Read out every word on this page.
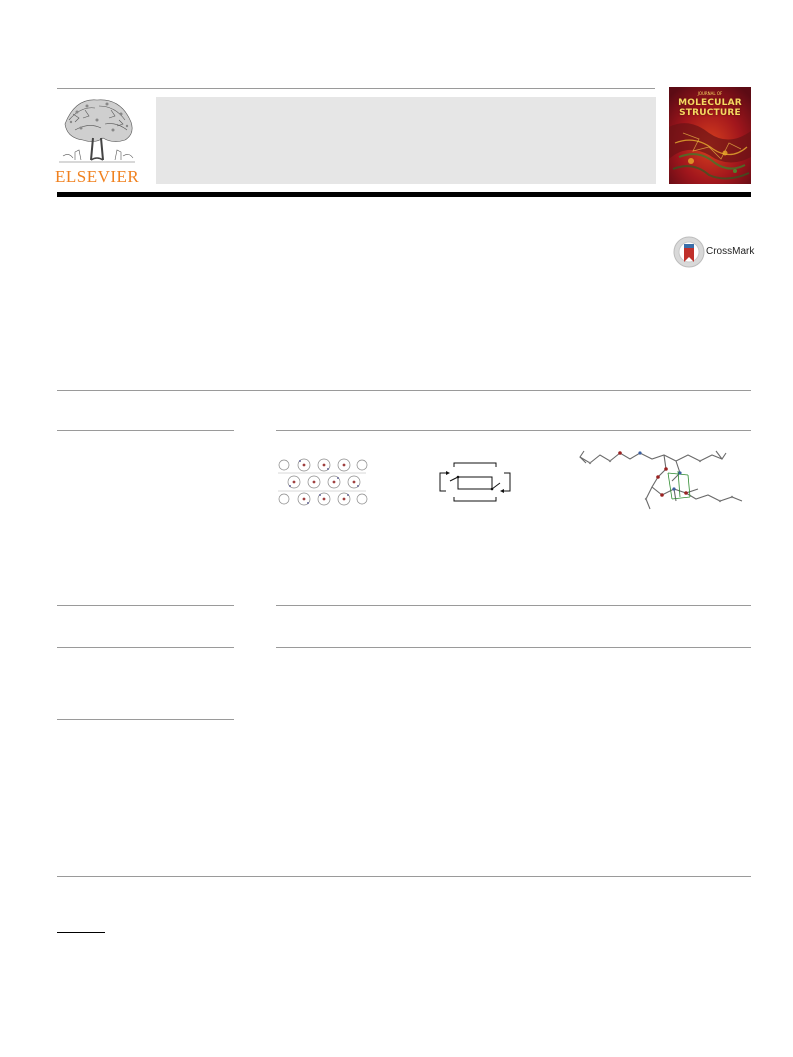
ELSEVIER
JOURNAL OF
MOLECULAR
STRUCTURE
CrossMark
